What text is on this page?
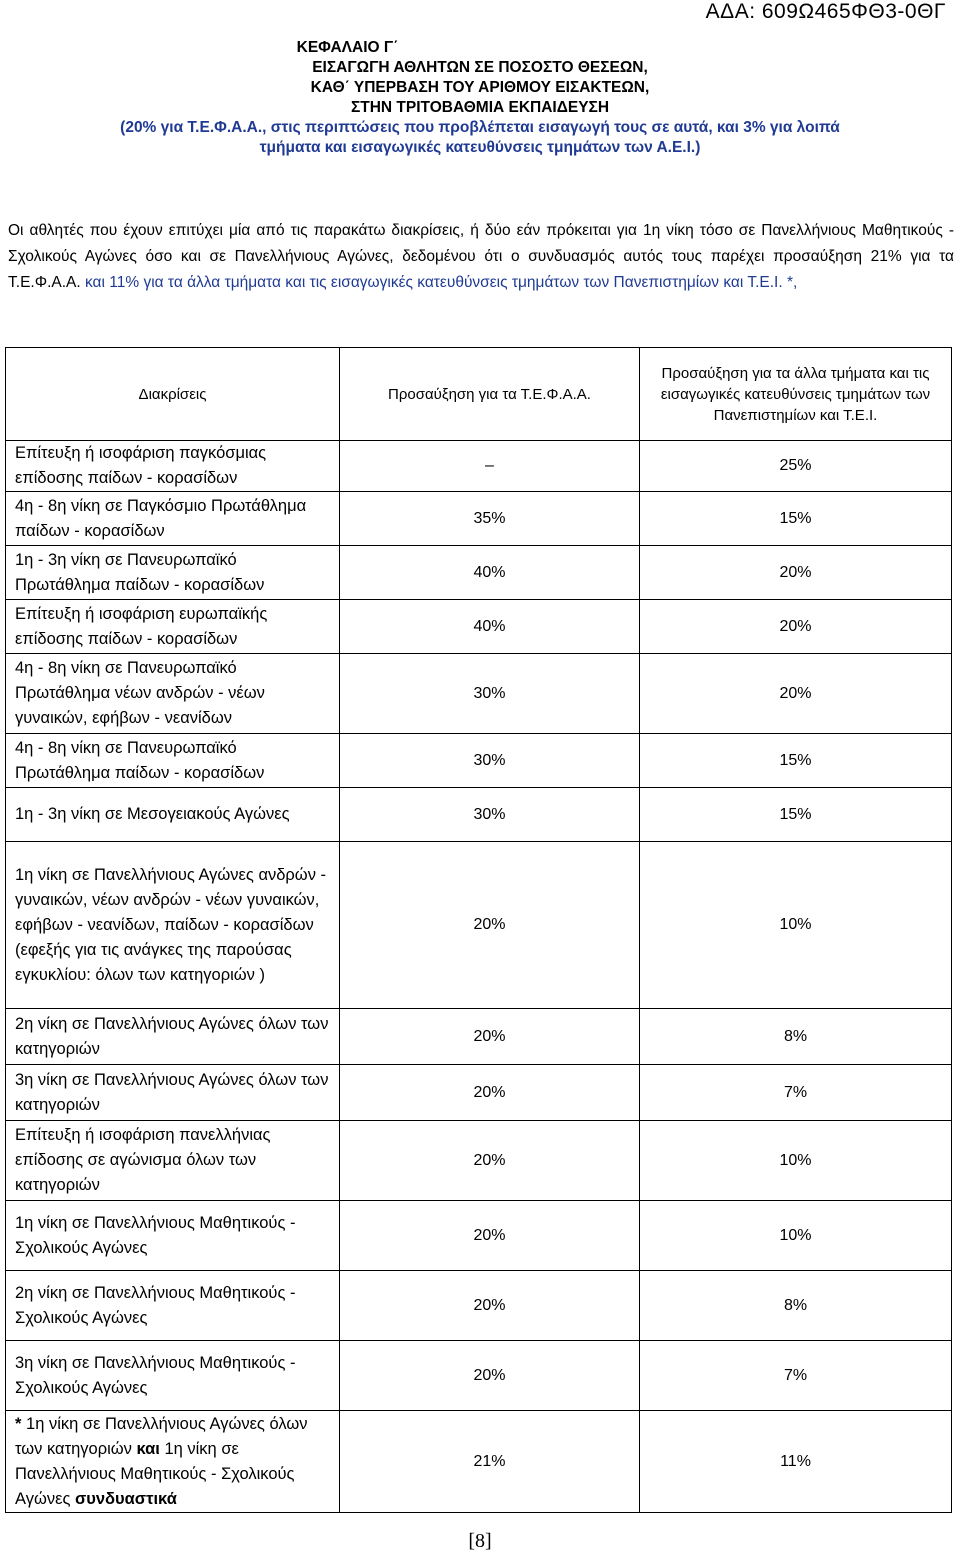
ΑΔΑ: 609Ω465ΦΘ3-0ΘΓ
ΚΕΦΑΛΑΙΟ Γ΄
ΕΙΣΑΓΩΓΗ ΑΘΛΗΤΩΝ ΣΕ ΠΟΣΟΣΤΟ ΘΕΣΕΩΝ,
ΚΑΘ΄ ΥΠΕΡΒΑΣΗ ΤΟΥ ΑΡΙΘΜΟΥ ΕΙΣΑΚΤΕΩΝ,
ΣΤΗΝ ΤΡΙΤΟΒΑΘΜΙΑ ΕΚΠΑΙΔΕΥΣΗ
(20% για Τ.Ε.Φ.Α.Α., στις περιπτώσεις που προβλέπεται εισαγωγή τους σε αυτά, και 3% για λοιπά
τμήματα και εισαγωγικές κατευθύνσεις τμημάτων των Α.Ε.Ι.)
Οι αθλητές που έχουν επιτύχει μία από τις παρακάτω διακρίσεις, ή δύο εάν πρόκειται για 1η νίκη τόσο σε Πανελλήνιους Μαθητικούς - Σχολικούς Αγώνες όσο και σε Πανελλήνιους Αγώνες, δεδομένου ότι ο συνδυασμός αυτός τους παρέχει προσαύξηση 21% για τα Τ.Ε.Φ.Α.Α. και 11% για τα άλλα τμήματα και τις εισαγωγικές κατευθύνσεις τμημάτων των Πανεπιστημίων και Τ.Ε.Ι. *,
Διακρίσεις	Προσαύξηση για τα Τ.Ε.Φ.Α.Α.	Προσαύξηση για τα άλλα τμήματα και τις εισαγωγικές κατευθύνσεις τμημάτων των Πανεπιστημίων και Τ.Ε.Ι.
Επίτευξη ή ισοφάριση παγκόσμιας επίδοσης παίδων - κορασίδων	–	25%
4η - 8η νίκη σε Παγκόσμιο Πρωτάθλημα παίδων - κορασίδων	35%	15%
1η - 3η νίκη σε Πανευρωπαϊκό Πρωτάθλημα παίδων - κορασίδων	40%	20%
Επίτευξη ή ισοφάριση ευρωπαϊκής επίδοσης παίδων - κορασίδων	40%	20%
4η - 8η νίκη σε Πανευρωπαϊκό Πρωτάθλημα νέων ανδρών - νέων γυναικών, εφήβων - νεανίδων	30%	20%
4η - 8η νίκη σε Πανευρωπαϊκό Πρωτάθλημα παίδων - κορασίδων	30%	15%
1η - 3η νίκη σε Μεσογειακούς Αγώνες	30%	15%
1η νίκη σε Πανελλήνιους Αγώνες ανδρών - γυναικών, νέων ανδρών - νέων γυναικών, εφήβων - νεανίδων, παίδων - κορασίδων (εφεξής για τις ανάγκες της παρούσας εγκυκλίου: όλων των κατηγοριών )	20%	10%
2η νίκη σε Πανελλήνιους Αγώνες όλων των κατηγοριών	20%	8%
3η νίκη σε Πανελλήνιους Αγώνες όλων των κατηγοριών	20%	7%
Επίτευξη ή ισοφάριση πανελλήνιας επίδοσης σε αγώνισμα όλων των κατηγοριών	20%	10%
1η νίκη σε Πανελλήνιους Μαθητικούς - Σχολικούς Αγώνες	20%	10%
2η νίκη σε Πανελλήνιους Μαθητικούς - Σχολικούς Αγώνες	20%	8%
3η νίκη σε Πανελλήνιους Μαθητικούς - Σχολικούς Αγώνες	20%	7%
* 1η νίκη σε Πανελλήνιους Αγώνες όλων των κατηγοριών και 1η νίκη σε Πανελλήνιους Μαθητικούς - Σχολικούς Αγώνες συνδυαστικά	21%	11%
[8]
